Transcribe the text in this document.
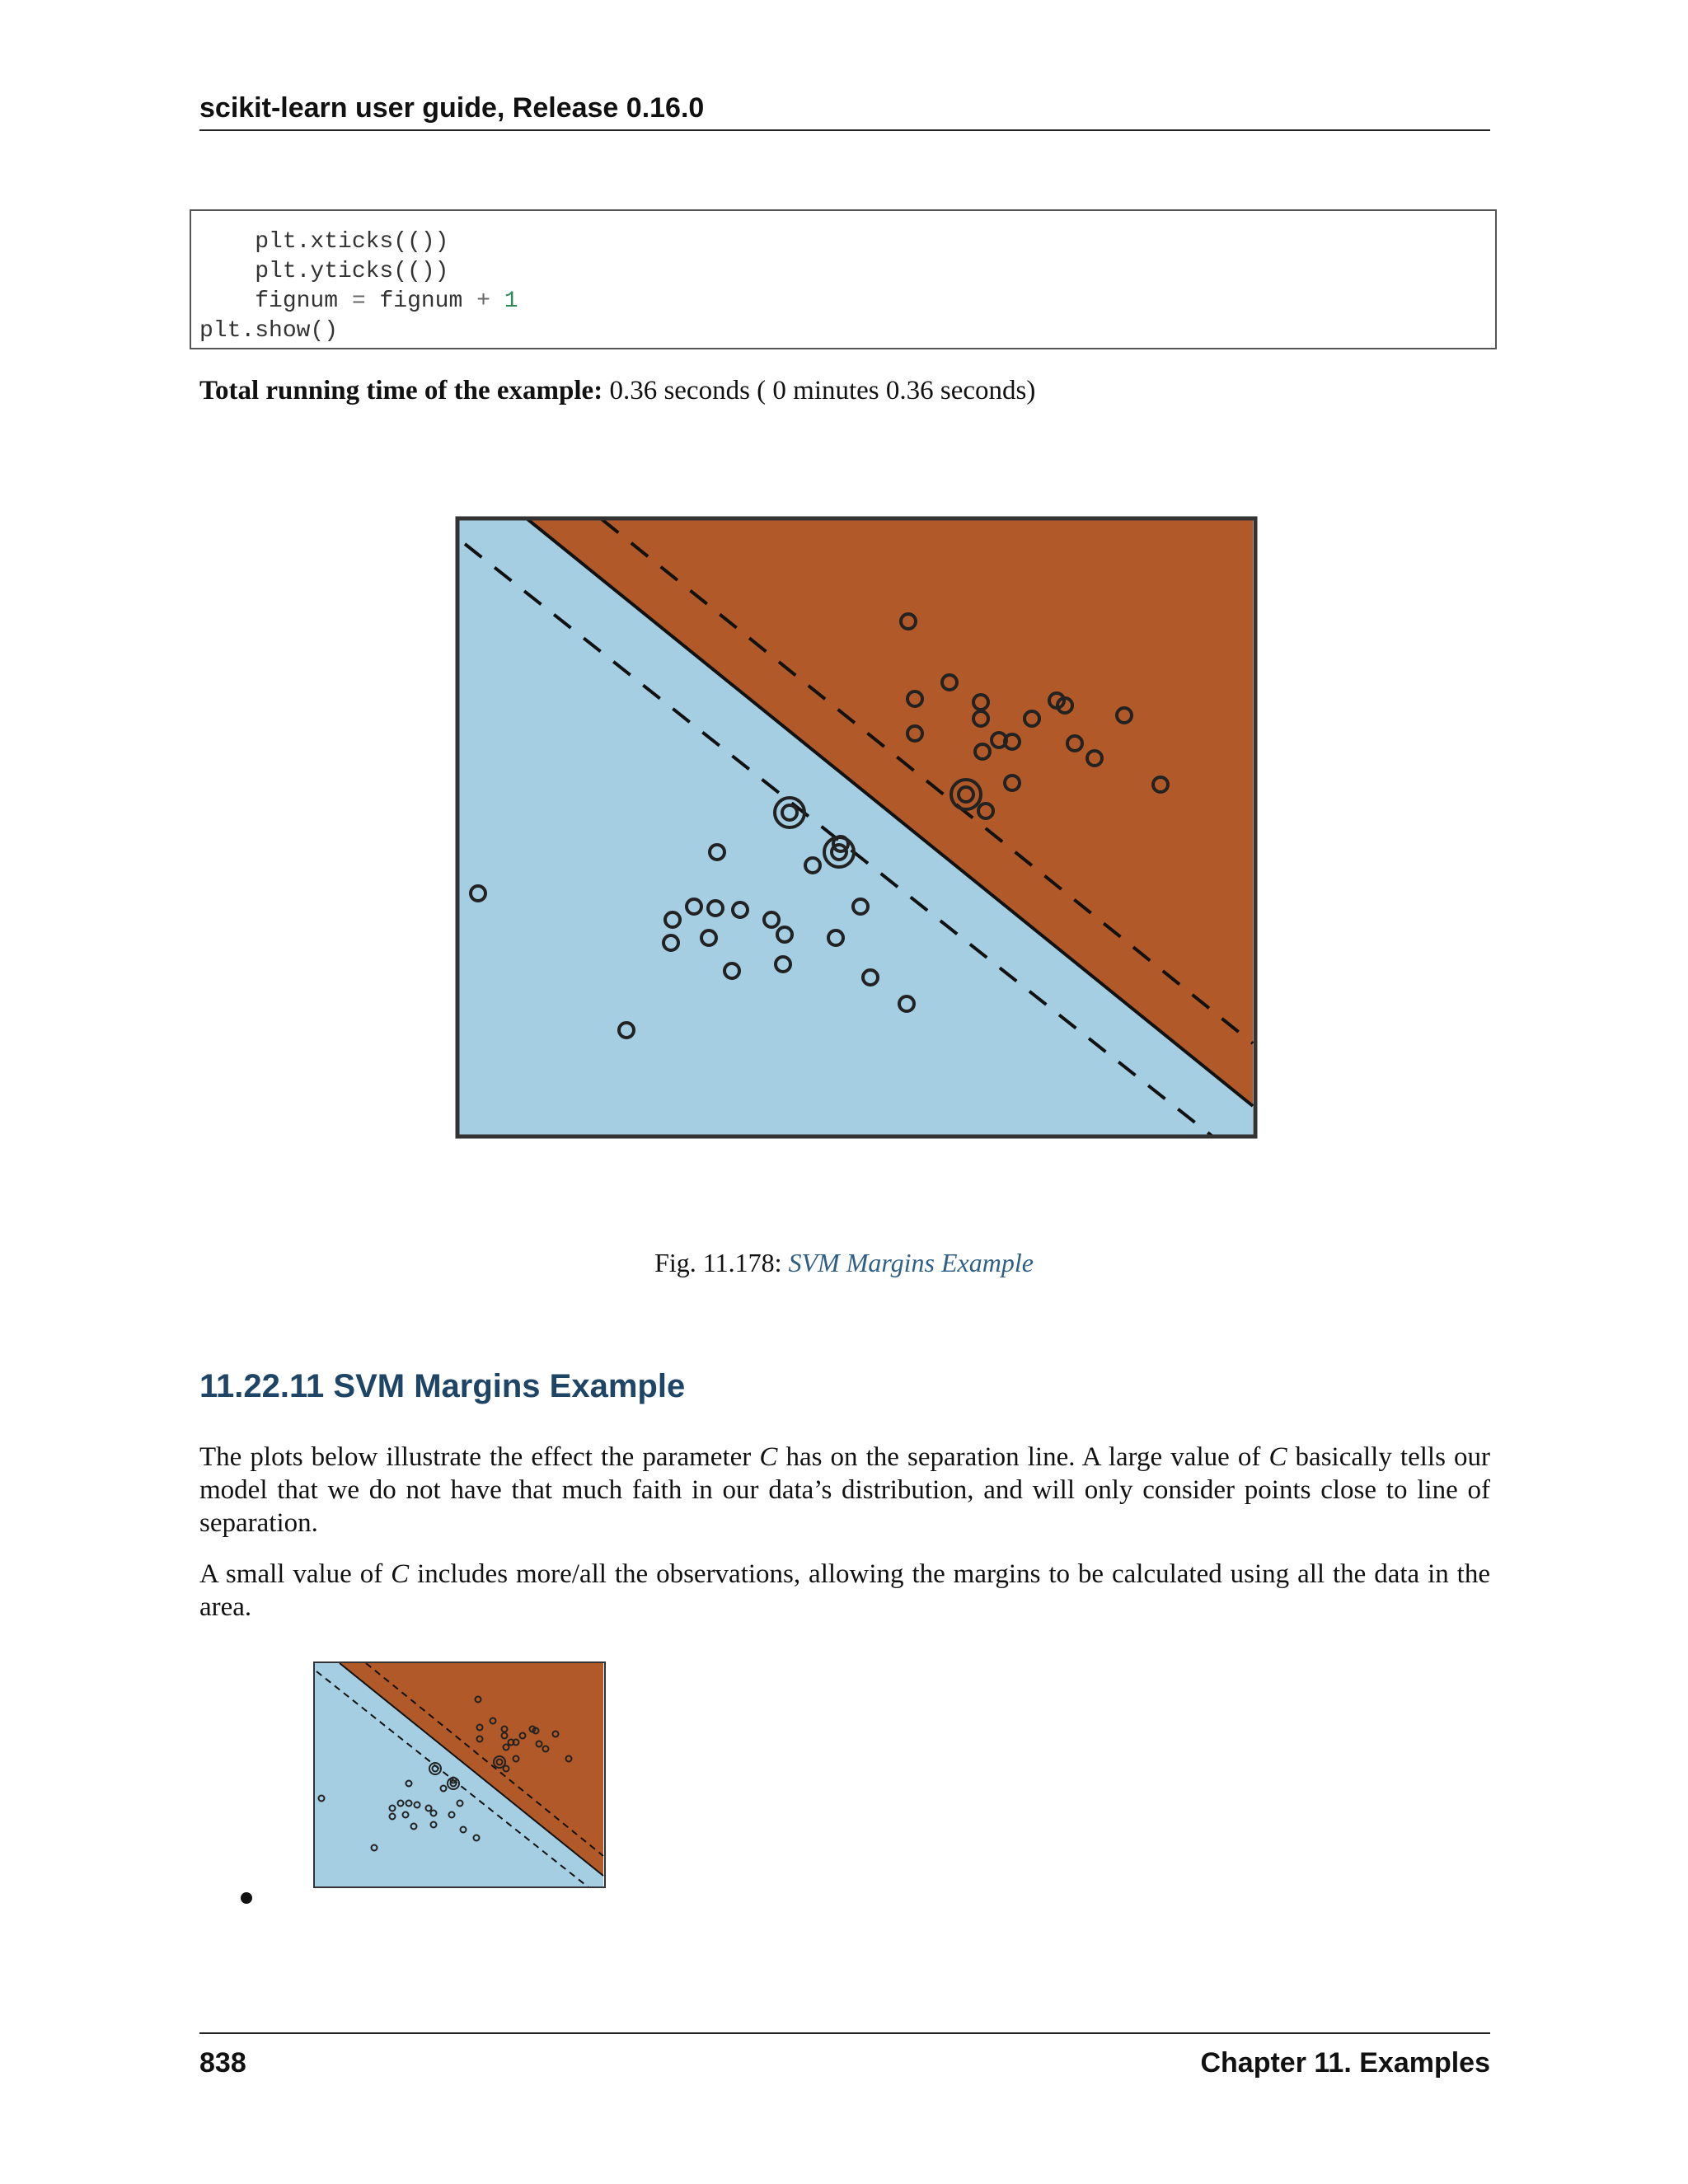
scikit-learn user guide, Release 0.16.0
plt.xticks(())
plt.yticks(())
fignum = fignum + 1
plt.show()
Total running time of the example: 0.36 seconds ( 0 minutes 0.36 seconds)
Fig. 11.178: SVM Margins Example
11.22.11 SVM Margins Example
The plots below illustrate the effect the parameter C has on the separation line. A large value of C basically tells our model that we do not have that much faith in our data’s distribution, and will only consider points close to line of separation.
A small value of C includes more/all the observations, allowing the margins to be calculated using all the data in the area.
838	Chapter 11. Examples
